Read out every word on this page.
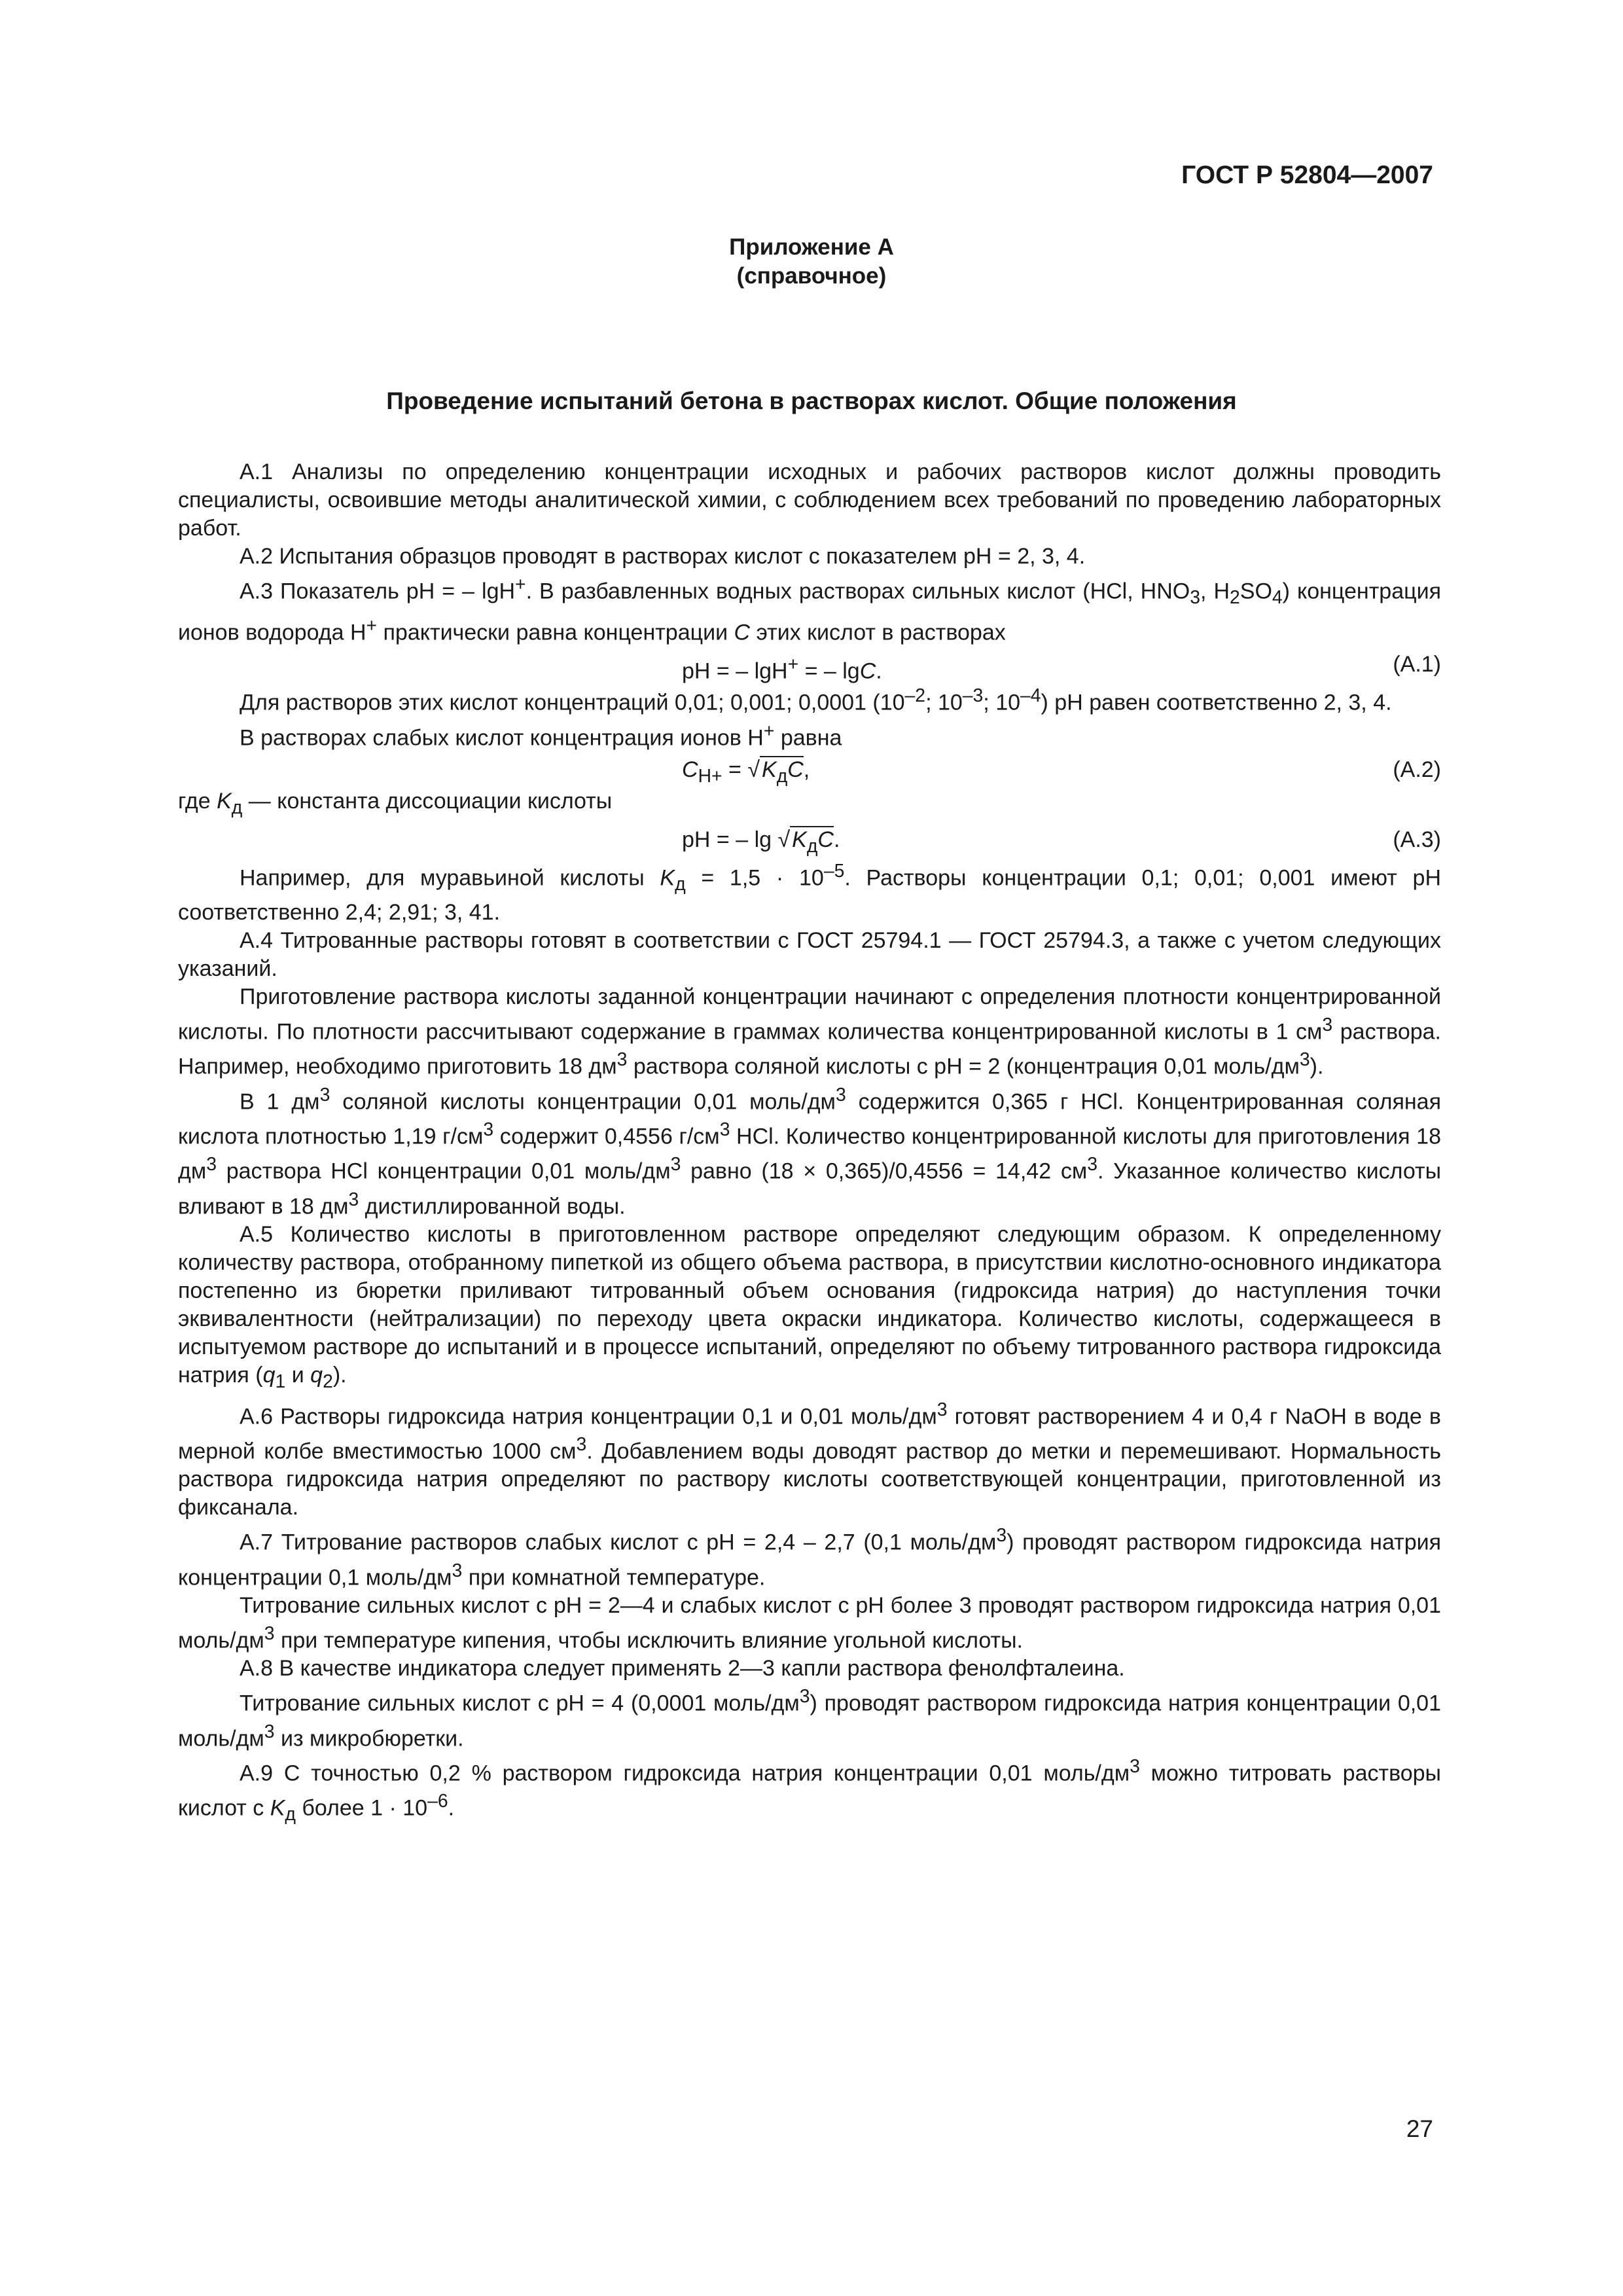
ГОСТ Р 52804—2007
Приложение А
(справочное)
Проведение испытаний бетона в растворах кислот. Общие положения

А.1 Анализы по определению концентрации исходных и рабочих растворов кислот должны проводить специалисты, освоившие методы аналитической химии, с соблюдением всех требований по проведению лабораторных работ.

А.2 Испытания образцов проводят в растворах кислот с показателем pH = 2, 3, 4.

А.3 Показатель pH = – lgH+. В разбавленных водных растворах сильных кислот (HCl, $HNO_3$, $H_2SO_4$) концентрация ионов водорода H+ практически равна концентрации C этих кислот в растворах

pH = – lgH+ = – lgC.	(А.1)

Для растворов этих кислот концентраций 0,01; 0,001; 0,0001 ($10^{-2}$; $10^{-3}$; $10^{-4}$) pH равен соответственно 2, 3, 4.

В растворах слабых кислот концентрация ионов H+ равна

$C_{H+} = √K_дC$,	(А.2)

где $K_д$ — константа диссоциации кислоты

pH = – $\lg √K_дC$.	(А.3)

Например, для муравьиной кислоты $K_д = 1,5 \cdot 10^{-5}$. Растворы концентрации 0,1; 0,01; 0,001 имеют pH соответственно 2,4; 2,91; 3, 41.

А.4 Титрованные растворы готовят в соответствии с ГОСТ 25794.1 — ГОСТ 25794.3, а также с учетом следующих указаний.

Приготовление раствора кислоты заданной концентрации начинают с определения плотности концентрированной кислоты. По плотности рассчитывают содержание в граммах количества концентрированной кислоты в 1 $см^3$ раствора. Например, необходимо приготовить 18 $дм^3$ раствора соляной кислоты с pH = 2 (концентрация 0,01 моль/$дм^3$).

В 1 $дм^3$ соляной кислоты концентрации 0,01 моль/$дм^3$ содержится 0,365 г HCl. Концентрированная соляная кислота плотностью 1,19 $г/см^3$ содержит 0,4556 $г/см^3$ HCl. Количество концентрированной кислоты для приготовления 18 $дм^3$ раствора HCl концентрации 0,01 моль/$дм^3$ равно (18 × 0,365)/0,4556 = 14,42 $см^3$. Указанное количество кислоты вливают в 18 $дм^3$ дистиллированной воды.

А.5 Количество кислоты в приготовленном растворе определяют следующим образом. К определенному количеству раствора, отобранному пипеткой из общего объема раствора, в присутствии кислотно-основного индикатора постепенно из бюретки приливают титрованный объем основания (гидроксида натрия) до наступления точки эквивалентности (нейтрализации) по переходу цвета окраски индикатора. Количество кислоты, содержащееся в испытуемом растворе до испытаний и в процессе испытаний, определяют по объему титрованного раствора гидроксида натрия ($q_1$ и $q_2$).

А.6 Растворы гидроксида натрия концентрации 0,1 и 0,01 моль/$дм^3$ готовят растворением 4 и 0,4 г NaOH в воде в мерной колбе вместимостью 1000 $см^3$. Добавлением воды доводят раствор до метки и перемешивают. Нормальность раствора гидроксида натрия определяют по раствору кислоты соответствующей концентрации, приготовленной из фиксанала.

А.7 Титрование растворов слабых кислот с pH = 2,4 – 2,7 (0,1 моль/$дм^3$) проводят раствором гидроксида натрия концентрации 0,1 моль/$дм^3$ при комнатной температуре.

Титрование сильных кислот с pH = 2—4 и слабых кислот с pH более 3 проводят раствором гидроксида натрия 0,01 моль/$дм^3$ при температуре кипения, чтобы исключить влияние угольной кислоты.

А.8 В качестве индикатора следует применять 2—3 капли раствора фенолфталеина.

Титрование сильных кислот с pH = 4 (0,0001 моль/$дм^3$) проводят раствором гидроксида натрия концентрации 0,01 моль/$дм^3$ из микробюретки.

А.9 С точностью 0,2 % раствором гидроксида натрия концентрации 0,01 моль/$дм^3$ можно титровать растворы кислот с $K_д$ более $1 \cdot 10^{-6}$.

27
